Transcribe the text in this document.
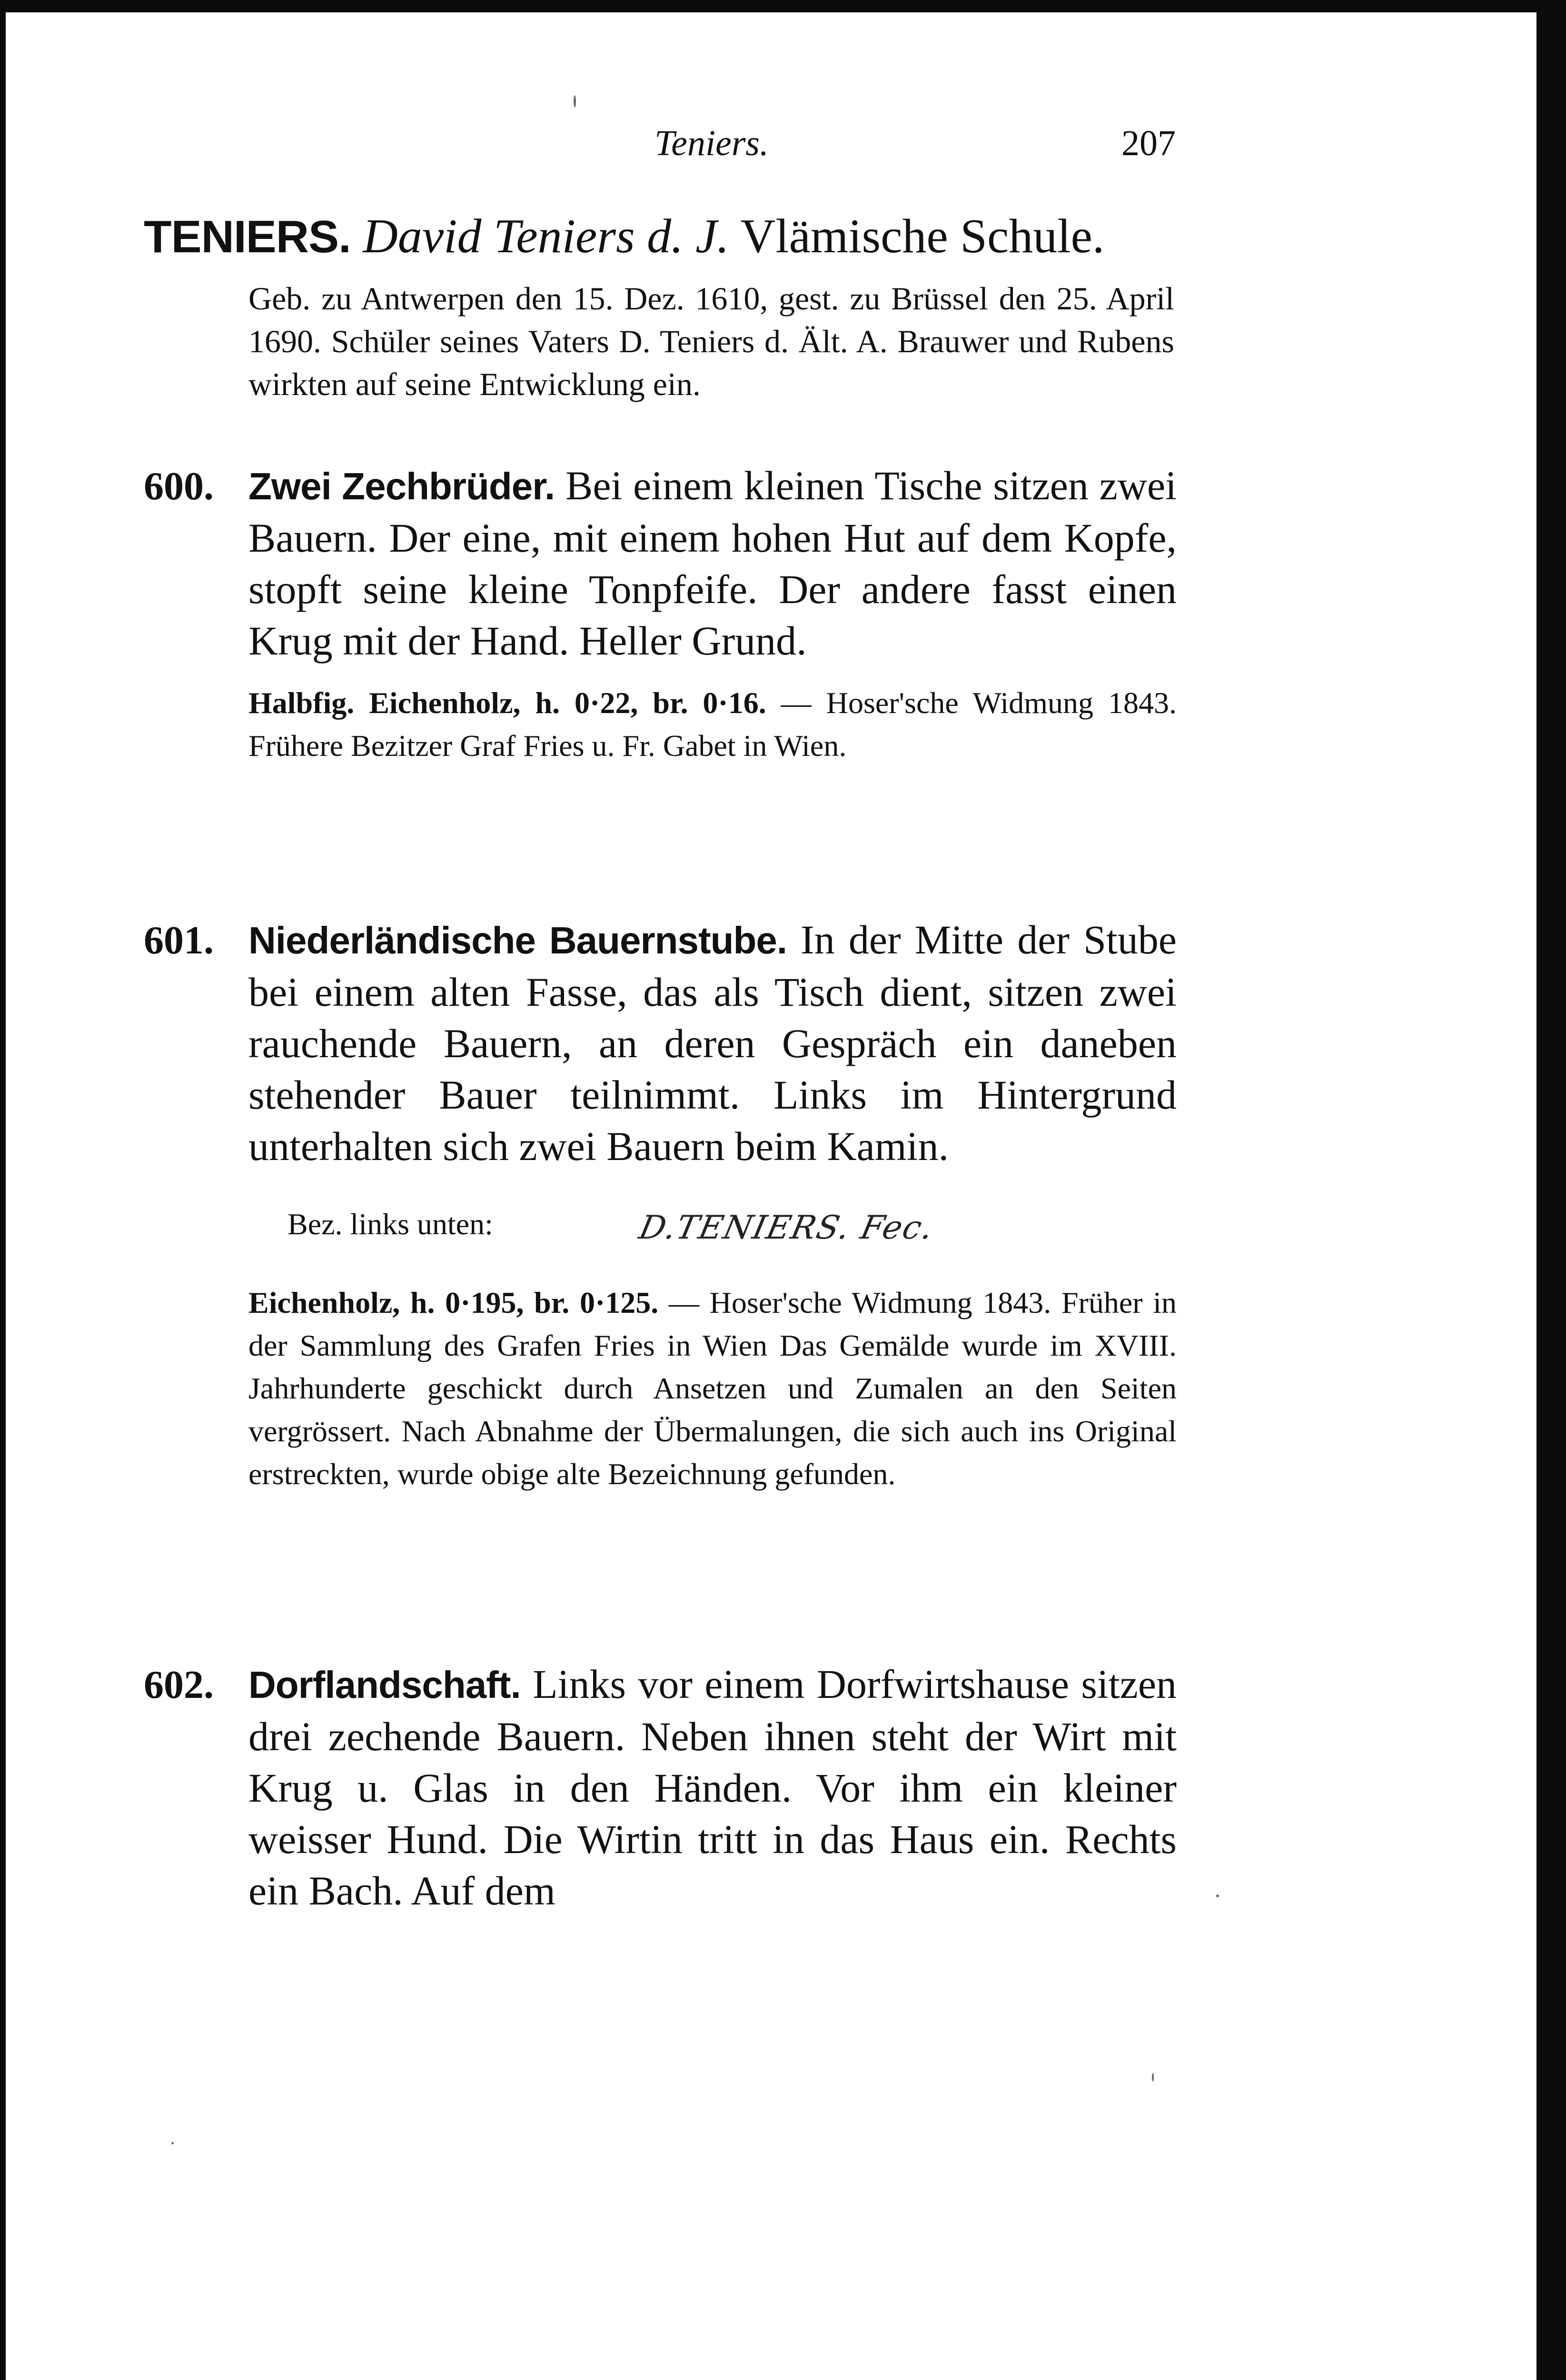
Teniers.	207
TENIERS. David Teniers d. J. Vlämische Schule.
Geb. zu Antwerpen den 15. Dez. 1610, gest. zu Brüssel den 25. April 1690. Schüler seines Vaters D. Teniers d. Ält. A. Brauwer und Rubens wirkten auf seine Entwicklung ein.
600. Zwei Zechbrüder. Bei einem kleinen Tische sitzen zwei Bauern. Der eine, mit einem hohen Hut auf dem Kopfe, stopft seine kleine Tonpfeife. Der andere fasst einen Krug mit der Hand. Heller Grund.
Halbfig. Eichenholz, h. 0·22, br. 0·16. — Hoser'sche Widmung 1843. Frühere Bezitzer Graf Fries u. Fr. Gabet in Wien.
601. Niederländische Bauernstube. In der Mitte der Stube bei einem alten Fasse, das als Tisch dient, sitzen zwei rauchende Bauern, an deren Gespräch ein daneben stehender Bauer teilnimmt. Links im Hintergrund unterhalten sich zwei Bauern beim Kamin.
Bez. links unten:	D.TENIERS. Fec.
Eichenholz, h. 0·195, br. 0·125. — Hoser'sche Widmung 1843. Früher in der Sammlung des Grafen Fries in Wien Das Gemälde wurde im XVIII. Jahrhunderte geschickt durch Ansetzen und Zumalen an den Seiten vergrössert. Nach Abnahme der Übermalungen, die sich auch ins Original erstreckten, wurde obige alte Bezeichnung gefunden.
602. Dorflandschaft. Links vor einem Dorfwirtshause sitzen drei zechende Bauern. Neben ihnen steht der Wirt mit Krug u. Glas in den Händen. Vor ihm ein kleiner weisser Hund. Die Wirtin tritt in das Haus ein. Rechts ein Bach. Auf dem
